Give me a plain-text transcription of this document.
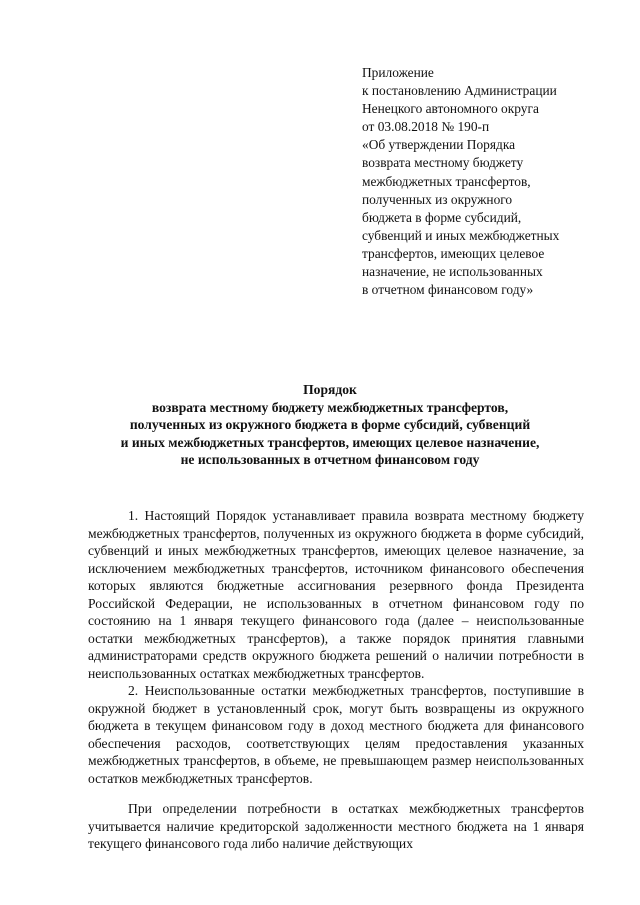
Приложение
к постановлению Администрации
Ненецкого автономного округа
от 03.08.2018 № 190-п
«Об утверждении Порядка
возврата местному бюджету
межбюджетных трансфертов,
полученных из окружного
бюджета в форме субсидий,
субвенций и иных межбюджетных
трансфертов, имеющих целевое
назначение, не использованных
в отчетном финансовом году»
Порядок
возврата местному бюджету межбюджетных трансфертов,
полученных из окружного бюджета в форме субсидий, субвенций
и иных межбюджетных трансфертов, имеющих целевое назначение,
не использованных в отчетном финансовом году

1. Настоящий Порядок устанавливает правила возврата местному бюджету межбюджетных трансфертов, полученных из окружного бюджета в форме субсидий, субвенций и иных межбюджетных трансфертов, имеющих целевое назначение, за исключением межбюджетных трансфертов, источником финансового обеспечения которых являются бюджетные ассигнования резервного фонда Президента Российской Федерации, не использованных в отчетном финансовом году по состоянию на 1 января текущего финансового года (далее – неиспользованные остатки межбюджетных трансфертов), а также порядок принятия главными администраторами средств окружного бюджета решений о наличии потребности в неиспользованных остатках межбюджетных трансфертов.

2. Неиспользованные остатки межбюджетных трансфертов, поступившие в окружной бюджет в установленный срок, могут быть возвращены из окружного бюджета в текущем финансовом году в доход местного бюджета для финансового обеспечения расходов, соответствующих целям предоставления указанных межбюджетных трансфертов, в объеме, не превышающем размер неиспользованных остатков межбюджетных трансфертов.

При определении потребности в остатках межбюджетных трансфертов учитывается наличие кредиторской задолженности местного бюджета на 1 января текущего финансового года либо наличие действующих
